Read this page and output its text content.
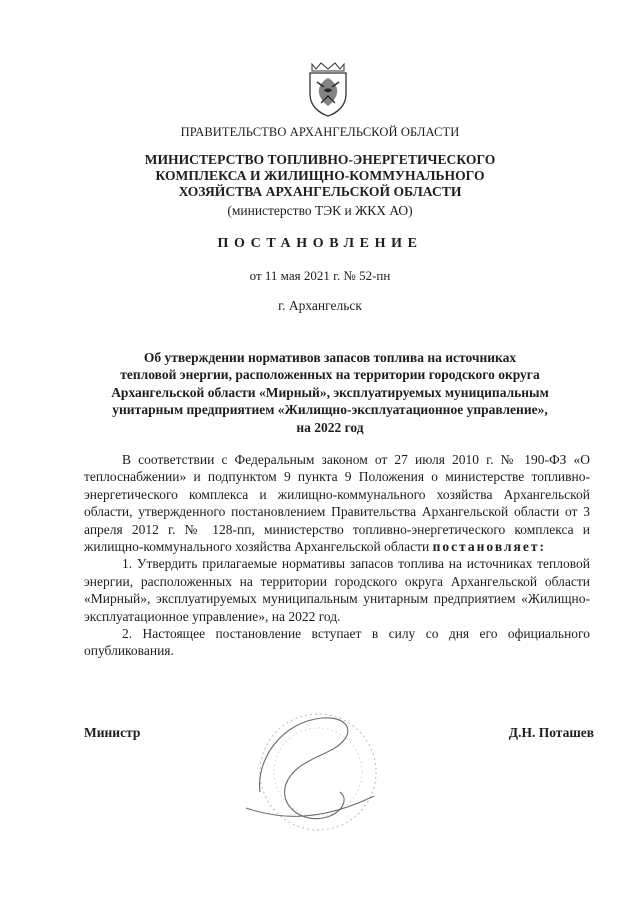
ПРАВИТЕЛЬСТВО АРХАНГЕЛЬСКОЙ ОБЛАСТИ
МИНИСТЕРСТВО ТОПЛИВНО-ЭНЕРГЕТИЧЕСКОГО
КОМПЛЕКСА И ЖИЛИЩНО-КОММУНАЛЬНОГО
ХОЗЯЙСТВА АРХАНГЕЛЬСКОЙ ОБЛАСТИ
(министерство ТЭК и ЖКХ АО)
ПОСТАНОВЛЕНИЕ
от 11 мая 2021 г. № 52-пн
г. Архангельск
Об утверждении нормативов запасов топлива на источниках
тепловой энергии, расположенных на территории городского округа
Архангельской области «Мирный», эксплуатируемых муниципальным
унитарным предприятием «Жилищно-эксплуатационное управление»,
на 2022 год

В соответствии с Федеральным законом от 27 июля 2010 г. № 190-ФЗ «О теплоснабжении» и подпунктом 9 пункта 9 Положения о министерстве топливно-энергетического комплекса и жилищно-коммунального хозяйства Архангельской области, утвержденного постановлением Правительства Архангельской области от 3 апреля 2012 г. № 128-пп, министерство топливно-энергетического комплекса и жилищно-коммунального хозяйства Архангельской области постановляет:

1. Утвердить прилагаемые нормативы запасов топлива на источниках тепловой энергии, расположенных на территории городского округа Архангельской области «Мирный», эксплуатируемых муниципальным унитарным предприятием «Жилищно-эксплуатационное управление», на 2022 год.

2. Настоящее постановление вступает в силу со дня его официального опубликования.

Министр	Д.Н. Поташев
